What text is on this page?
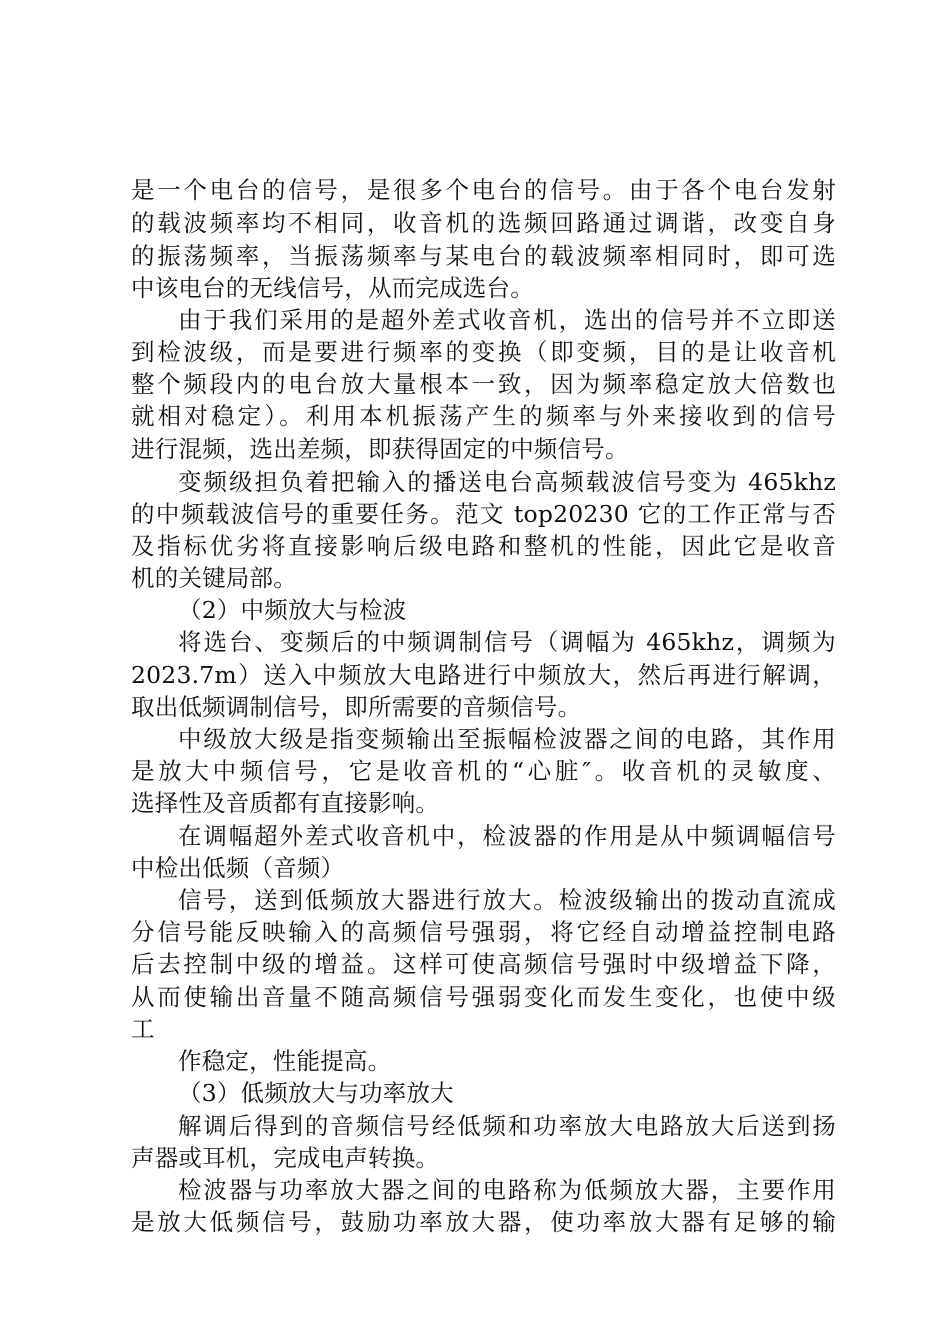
是一个电台的信号，是很多个电台的信号。由于各个电台发射
的载波频率均不相同，收音机的选频回路通过调谐，改变自身
的振荡频率，当振荡频率与某电台的载波频率相同时，即可选
中该电台的无线信号，从而完成选台。
由于我们采用的是超外差式收音机，选出的信号并不立即送
到检波级，而是要进行频率的变换（即变频，目的是让收音机
整个频段内的电台放大量根本一致，因为频率稳定放大倍数也
就相对稳定）。利用本机振荡产生的频率与外来接收到的信号
进行混频，选出差频，即获得固定的中频信号。
变频级担负着把输入的播送电台高频载波信号变为 465khz
的中频载波信号的重要任务。范文 top20230 它的工作正常与否
及指标优劣将直接影响后级电路和整机的性能，因此它是收音
机的关键局部。
（2）中频放大与检波
将选台、变频后的中频调制信号（调幅为 465khz，调频为
2023.7m）送入中频放大电路进行中频放大，然后再进行解调，
取出低频调制信号，即所需要的音频信号。
中级放大级是指变频输出至振幅检波器之间的电路，其作用
是放大中频信号，它是收音机的“心脏″。收音机的灵敏度、
选择性及音质都有直接影响。
在调幅超外差式收音机中，检波器的作用是从中频调幅信号
中检出低频（音频）
信号，送到低频放大器进行放大。检波级输出的拨动直流成
分信号能反映输入的高频信号强弱，将它经自动增益控制电路
后去控制中级的增益。这样可使高频信号强时中级增益下降，
从而使输出音量不随高频信号强弱变化而发生变化，也使中级
工
作稳定，性能提高。
（3）低频放大与功率放大
解调后得到的音频信号经低频和功率放大电路放大后送到扬
声器或耳机，完成电声转换。
检波器与功率放大器之间的电路称为低频放大器，主要作用
是放大低频信号，鼓励功率放大器，使功率放大器有足够的输
